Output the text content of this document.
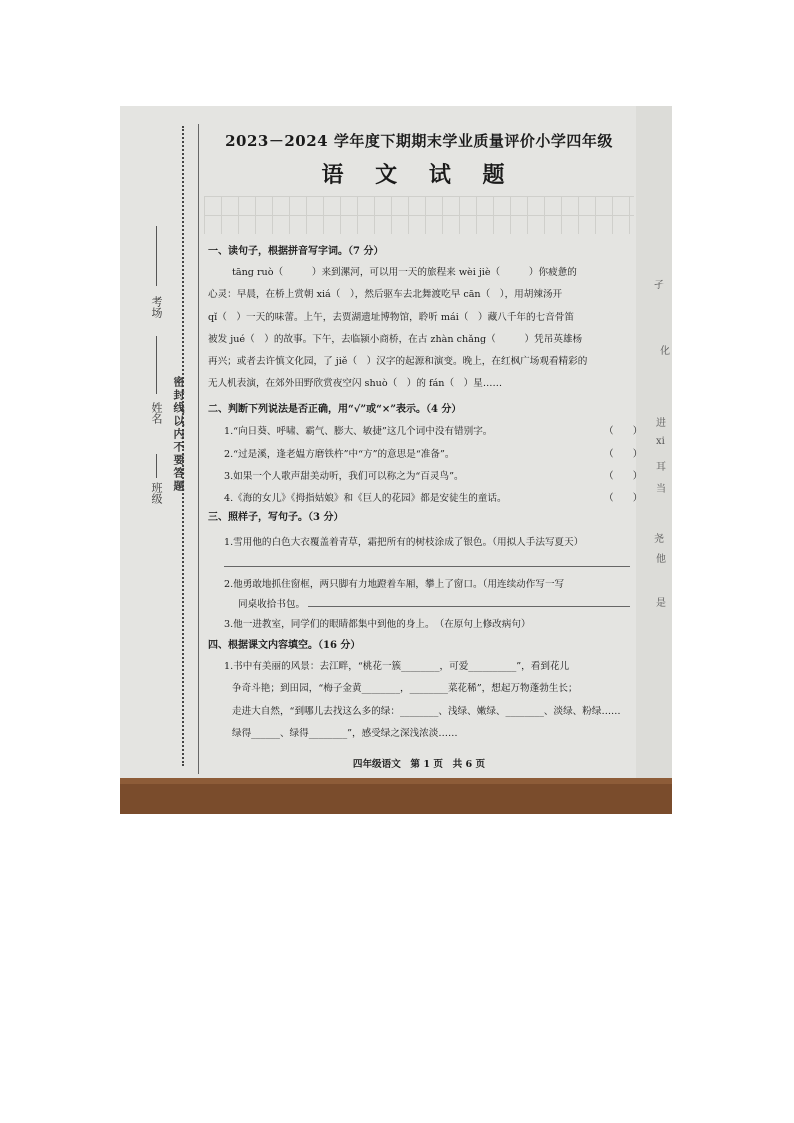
考场
姓名
班级 密封线以内不要答题
孑
化
进
xi
耳
当
尧
他
是
2023－2024 学年度下期期末学业质量评价小学四年级
语 文 试 题
一、读句子，根据拼音写字词。（7 分）
tāng ruò（　　　）来到漯河，可以用一天的旅程来 wèi jiè（　　　）你疲惫的
心灵：早晨，在桥上赏朝 xiá（　），然后驱车去北舞渡吃早 cān（　），用胡辣汤开
qǐ（　）一天的味蕾。上午，去贾湖遗址博物馆，聆听 mái（　）藏八千年的七音骨笛
被发 jué（　）的故事。下午，去临颍小商桥，在古 zhàn chǎng（　　　）凭吊英雄杨
再兴；或者去许慎文化园，了 jiě（　）汉字的起源和演变。晚上，在红枫广场观看精彩的
无人机表演，在郊外田野欣赏夜空闪 shuò（　）的 fán（　）星……
二、判断下列说法是否正确，用“√”或“×”表示。（4 分）
1.“向日葵、呼啸、霸气、膨大、敏捷”这几个词中没有错别字。	（　　）
2.“过是溪，逢老媪方磨铁杵”中“方”的意思是“准备”。	（　　）
3.如果一个人歌声甜美动听，我们可以称之为“百灵鸟”。	（　　）
4.《海的女儿》《拇指姑娘》和《巨人的花园》都是安徒生的童话。	（　　）
三、照样子，写句子。（3 分）
1.雪用他的白色大衣覆盖着青草，霜把所有的树枝涂成了银色。（用拟人手法写夏天）
2.他勇敢地抓住窗框，两只脚有力地蹬着车厢，攀上了窗口。（用连续动作写一写
同桌收拾书包。
3.他一进教室，同学们的眼睛都集中到他的身上。　（在原句上修改病句）
四、根据课文内容填空。（16 分）
1.书中有美丽的风景：去江畔，“桃花一簇________，可爱__________”，看到花儿
争奇斗艳；到田园，“梅子金黄________，________菜花稀”，想起万物蓬勃生长；
走进大自然，“到哪儿去找这么多的绿：________、浅绿、嫩绿、________、淡绿、粉绿……
绿得______、绿得________”，感受绿之深浅浓淡……
四年级语文　第 1 页　共 6 页
